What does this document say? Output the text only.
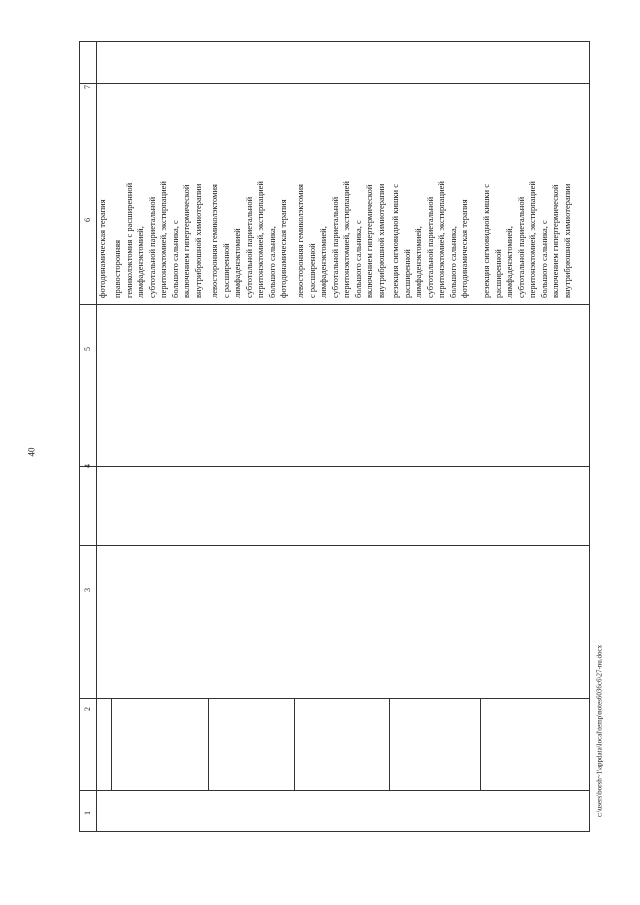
40
1
2
3
4
5
6
7
фотодинамическая терапия правосторонняя гемиколэктомия с расширенной лимфаденэктомией, субтотальной париетальной перитонэктомией, экстирпацией большого сальника, с включением гипертермической внутрибрюшной химиотерапии левосторонняя гемиколэктомия с расширенной лимфаденэктомией субтотальной париетальной перитонэктомией, экстирпацией большого сальника, фотодинамическая терапия левосторонняя гемиколэктомия с расширенной лимфаденэктомией, субтотальной париетальной перитонэктомией, экстирпацией большого сальника, с включением гипертермической внутрибрюшной химиотерапии резекция сигмовидной кишки с расширенной лимфаденэктомией, субтотальной париетальной перитонэктомией, экстирпацией большого сальника, фотодинамическая терапия резекция сигмовидной кишки с расширенной лимфаденэктомией, субтотальной париетальной перитонэктомией, экстирпацией большого сальника, с включением гипертермической внутрибрюшной химиотерапии
c:\users\borsh~1\appdata\local\temp\notes6036c6\27-nu.docx
